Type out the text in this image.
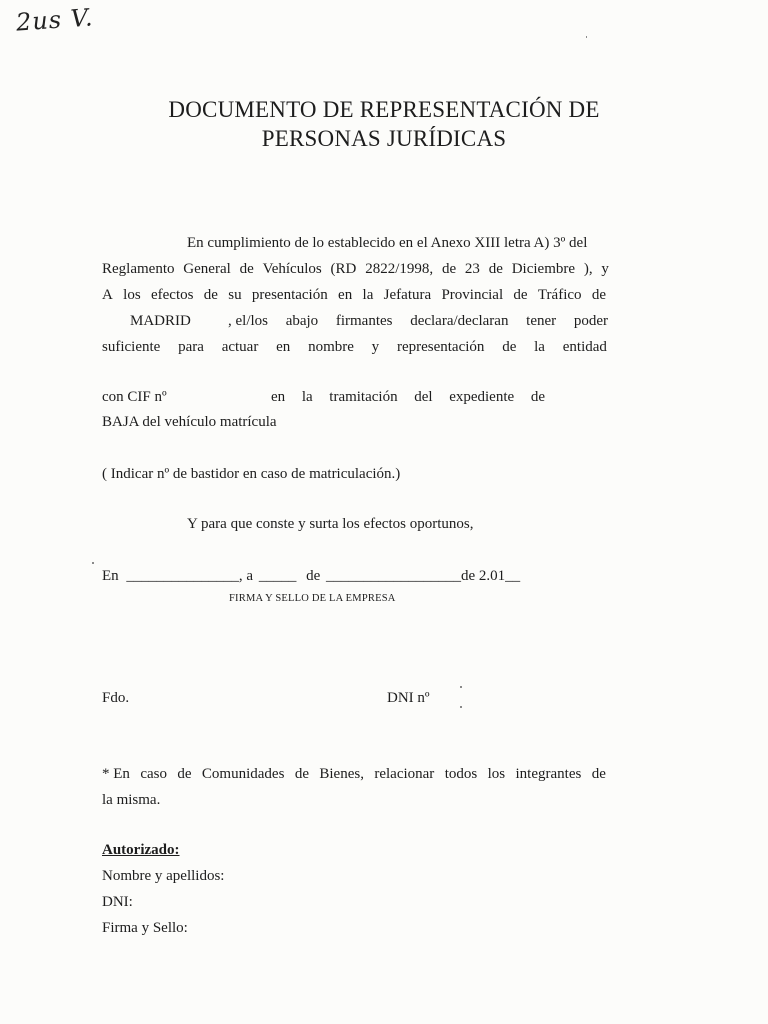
2us V.
DOCUMENTO DE REPRESENTACIÓN DE
PERSONAS JURÍDICAS
En cumplimiento de lo establecido en el Anexo XIII letra A) 3º del
Reglamento General de Vehículos (RD 2822/1998, de 23 de Diciembre ), y
A los efectos de su presentación en la Jefatura Provincial de Tráfico de
MADRID , el/los abajo firmantes declara/declaran tener poder
suficiente para actuar en nombre y representación de la entidad
con CIF nº	en la tramitación del expediente de
BAJA del vehículo matrícula
( Indicar nº de bastidor en caso de matriculación.)
Y para que conste y surta los efectos oportunos,
En _______________, a _____ de __________________de 2.01__
FIRMA Y SELLO DE LA EMPRESA
Fdo.	DNI nº
* En caso de Comunidades de Bienes, relacionar todos los integrantes de
la misma.
Autorizado:
Nombre y apellidos:
DNI:
Firma y Sello:
